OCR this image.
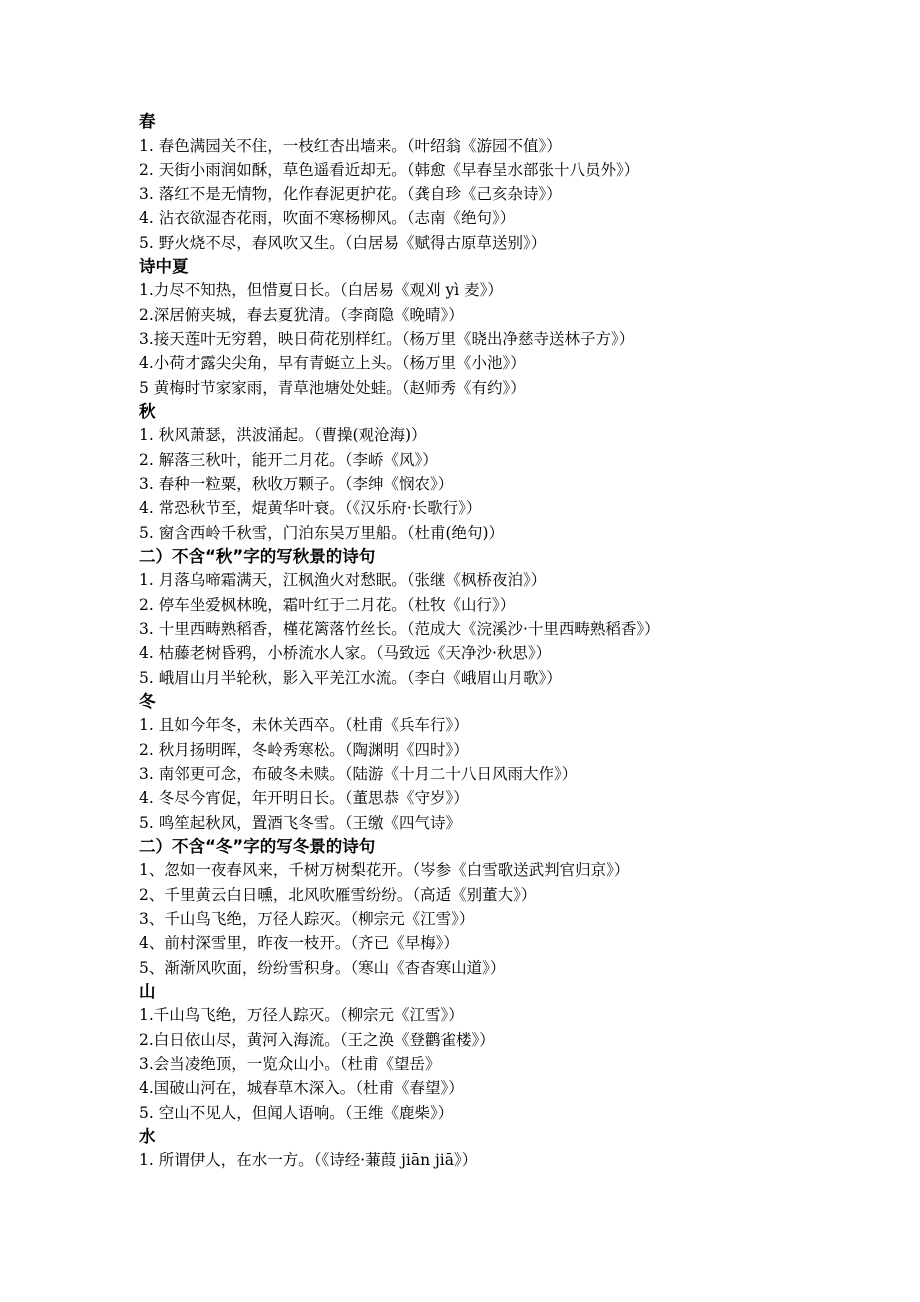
春
1. 春色满园关不住，一枝红杏出墙来。（叶绍翁《游园不值》）
2. 天街小雨润如酥，草色遥看近却无。（韩愈《早春呈水部张十八员外》）
3. 落红不是无情物，化作春泥更护花。（龚自珍《己亥杂诗》）
4. 沾衣欲湿杏花雨，吹面不寒杨柳风。（志南《绝句》）
5. 野火烧不尽，春风吹又生。（白居易《赋得古原草送别》）
诗中夏
1.力尽不知热，但惜夏日长。（白居易《观刈 yì 麦》）
2.深居俯夹城，春去夏犹清。（李商隐《晚晴》）
3.接天莲叶无穷碧，映日荷花别样红。（杨万里《晓出净慈寺送林子方》）
4.小荷才露尖尖角，早有青蜓立上头。（杨万里《小池》）
5 黄梅时节家家雨，青草池塘处处蛙。（赵师秀《有约》）
秋
1. 秋风萧瑟，洪波涌起。（曹操(观沧海)）
2. 解落三秋叶，能开二月花。（李峤《风》）
3. 春种一粒粟，秋收万颗子。（李绅《悯农》）
4. 常恐秋节至，焜黄华叶衰。（《汉乐府·长歌行》）
5. 窗含西岭千秋雪，门泊东吴万里船。（杜甫(绝句)）
二）不含“秋”字的写秋景的诗句
1. 月落乌啼霜满天，江枫渔火对愁眠。（张继《枫桥夜泊》）
2. 停车坐爱枫林晚，霜叶红于二月花。（杜牧《山行》）
3. 十里西畴熟稻香，槿花篱落竹丝长。（范成大《浣溪沙·十里西畴熟稻香》）
4. 枯藤老树昏鸦，小桥流水人家。（马致远《天净沙·秋思》）
5. 峨眉山月半轮秋，影入平羌江水流。（李白《峨眉山月歌》）
冬
1. 且如今年冬，未休关西卒。（杜甫《兵车行》）
2. 秋月扬明晖，冬岭秀寒松。（陶渊明《四时》）
3. 南邻更可念，布破冬未赎。（陆游《十月二十八日风雨大作》）
4. 冬尽今宵促，年开明日长。（董思恭《守岁》）
5. 鸣笙起秋风，置酒飞冬雪。（王缴《四气诗》
二）不含“冬”字的写冬景的诗句
1、忽如一夜春风来，千树万树梨花开。（岑参《白雪歌送武判官归京》）
2、千里黄云白日曛，北风吹雁雪纷纷。（高适《别董大》）
3、千山鸟飞绝，万径人踪灭。（柳宗元《江雪》）
4、前村深雪里，昨夜一枝开。（齐已《早梅》）
5、渐渐风吹面，纷纷雪积身。（寒山《杳杳寒山道》）
山
1.千山鸟飞绝，万径人踪灭。（柳宗元《江雪》）
2.白日依山尽，黄河入海流。（王之涣《登鹳雀楼》）
3.会当凌绝顶，一览众山小。（杜甫《望岳》
4.国破山河在，城春草木深入。（杜甫《春望》）
5. 空山不见人，但闻人语响。（王维《鹿柴》）
水
1. 所谓伊人，在水一方。（《诗经·蒹葭 jiān jiā》）
